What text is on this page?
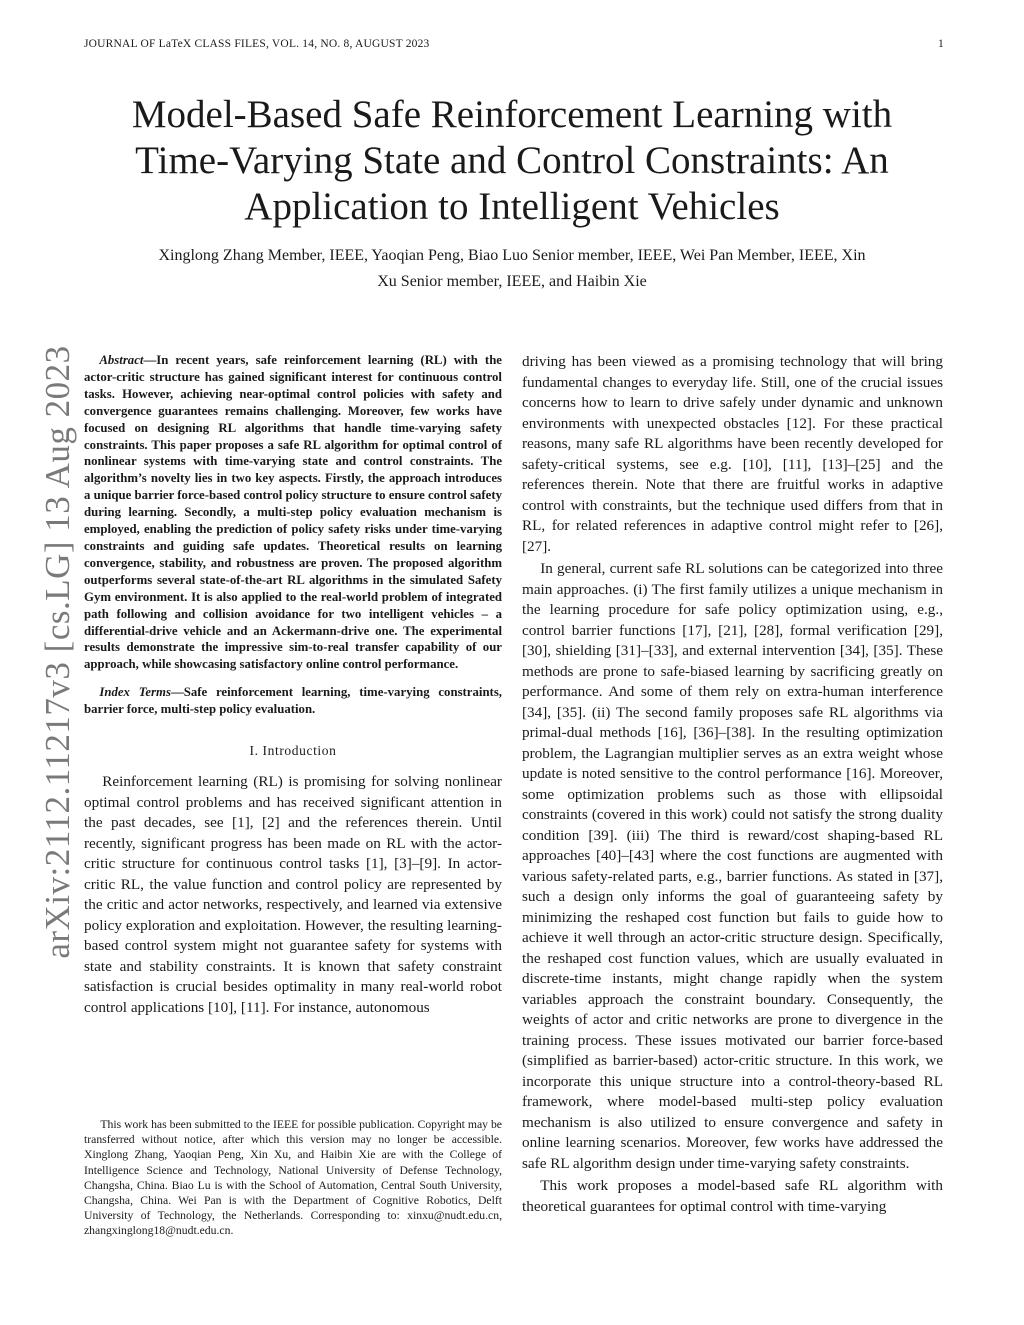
JOURNAL OF LaTeX CLASS FILES, VOL. 14, NO. 8, AUGUST 2023	1
Model-Based Safe Reinforcement Learning with
Time-Varying State and Control Constraints: An
Application to Intelligent Vehicles
Xinglong Zhang Member, IEEE, Yaoqian Peng, Biao Luo Senior member, IEEE, Wei Pan Member, IEEE, Xin
Xu Senior member, IEEE, and Haibin Xie
arXiv:2112.11217v3 [cs.LG] 13 Aug 2023	Abstract—In recent years, safe reinforcement learning (RL) with the actor-critic structure has gained significant interest for continuous control tasks. However, achieving near-optimal control policies with safety and convergence guarantees remains challenging. Moreover, few works have focused on designing RL algorithms that handle time-varying safety constraints. This paper proposes a safe RL algorithm for optimal control of nonlinear systems with time-varying state and control constraints. The algorithm’s novelty lies in two key aspects. Firstly, the approach introduces a unique barrier force-based control policy structure to ensure control safety during learning. Secondly, a multi-step policy evaluation mechanism is employed, enabling the prediction of policy safety risks under time-varying constraints and guiding safe updates. Theoretical results on learning convergence, stability, and robustness are proven. The proposed algorithm outperforms several state-of-the-art RL algorithms in the simulated Safety Gym environment. It is also applied to the real-world problem of integrated path following and collision avoidance for two intelligent vehicles – a differential-drive vehicle and an Ackermann-drive one. The experimental results demonstrate the impressive sim-to-real transfer capability of our approach, while showcasing satisfactory online control performance.

Index Terms—Safe reinforcement learning, time-varying constraints, barrier force, multi-step policy evaluation.

I. Introduction

Reinforcement learning (RL) is promising for solving nonlinear optimal control problems and has received significant attention in the past decades, see [1], [2] and the references therein. Until recently, significant progress has been made on RL with the actor-critic structure for continuous control tasks [1], [3]–[9]. In actor-critic RL, the value function and control policy are represented by the critic and actor networks, respectively, and learned via extensive policy exploration and exploitation. However, the resulting learning-based control system might not guarantee safety for systems with state and stability constraints. It is known that safety constraint satisfaction is crucial besides optimality in many real-world robot control applications [10], [11]. For instance, autonomous

This work has been submitted to the IEEE for possible publication. Copyright may be transferred without notice, after which this version may no longer be accessible. Xinglong Zhang, Yaoqian Peng, Xin Xu, and Haibin Xie are with the College of Intelligence Science and Technology, National University of Defense Technology, Changsha, China. Biao Lu is with the School of Automation, Central South University, Changsha, China. Wei Pan is with the Department of Cognitive Robotics, Delft University of Technology, the Netherlands. Corresponding to: xinxu@nudt.edu.cn, zhangxinglong18@nudt.edu.cn.

driving has been viewed as a promising technology that will bring fundamental changes to everyday life. Still, one of the crucial issues concerns how to learn to drive safely under dynamic and unknown environments with unexpected obstacles [12]. For these practical reasons, many safe RL algorithms have been recently developed for safety-critical systems, see e.g. [10], [11], [13]–[25] and the references therein. Note that there are fruitful works in adaptive control with constraints, but the technique used differs from that in RL, for related references in adaptive control might refer to [26], [27].

In general, current safe RL solutions can be categorized into three main approaches. (i) The first family utilizes a unique mechanism in the learning procedure for safe policy optimization using, e.g., control barrier functions [17], [21], [28], formal verification [29], [30], shielding [31]–[33], and external intervention [34], [35]. These methods are prone to safe-biased learning by sacrificing greatly on performance. And some of them rely on extra-human interference [34], [35]. (ii) The second family proposes safe RL algorithms via primal-dual methods [16], [36]–[38]. In the resulting optimization problem, the Lagrangian multiplier serves as an extra weight whose update is noted sensitive to the control performance [16]. Moreover, some optimization problems such as those with ellipsoidal constraints (covered in this work) could not satisfy the strong duality condition [39]. (iii) The third is reward/cost shaping-based RL approaches [40]–[43] where the cost functions are augmented with various safety-related parts, e.g., barrier functions. As stated in [37], such a design only informs the goal of guaranteeing safety by minimizing the reshaped cost function but fails to guide how to achieve it well through an actor-critic structure design. Specifically, the reshaped cost function values, which are usually evaluated in discrete-time instants, might change rapidly when the system variables approach the constraint boundary. Consequently, the weights of actor and critic networks are prone to divergence in the training process. These issues motivated our barrier force-based (simplified as barrier-based) actor-critic structure. In this work, we incorporate this unique structure into a control-theory-based RL framework, where model-based multi-step policy evaluation mechanism is also utilized to ensure convergence and safety in online learning scenarios. Moreover, few works have addressed the safe RL algorithm design under time-varying safety constraints.

This work proposes a model-based safe RL algorithm with theoretical guarantees for optimal control with time-varying
